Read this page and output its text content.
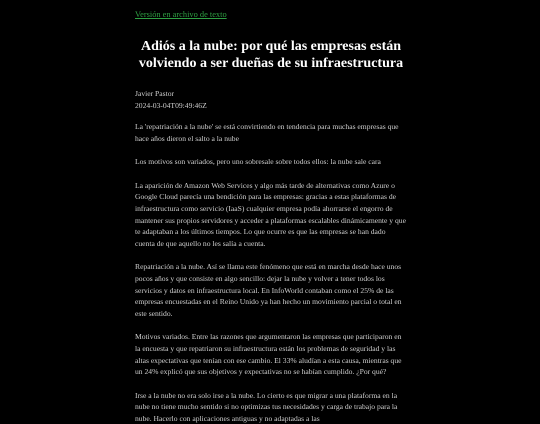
Versión en archivo de texto
Adiós a la nube: por qué las empresas están volviendo a ser dueñas de su infraestructura
Javier Pastor
2024-03-04T09:49:46Z

La 'repatriación a la nube' se está convirtiendo en tendencia para muchas empresas que hace años dieron el salto a la nube

Los motivos son variados, pero uno sobresale sobre todos ellos: la nube sale cara

La aparición de Amazon Web Services y algo más tarde de alternativas como Azure o Google Cloud parecía una bendición para las empresas: gracias a estas plataformas de infraestructura como servicio (IaaS) cualquier empresa podía ahorrarse el engorro de mantener sus propios servidores y acceder a plataformas escalables dinámicamente y que te adaptaban a los últimos tiempos. Lo que ocurre es que las empresas se han dado cuenta de que aquello no les salía a cuenta.

Repatriación a la nube. Así se llama este fenómeno que está en marcha desde hace unos pocos años y que consiste en algo sencillo: dejar la nube y volver a tener todos los servicios y datos en infraestructura local. En InfoWorld contaban como el 25% de las empresas encuestadas en el Reino Unido ya han hecho un movimiento parcial o total en este sentido.

Motivos variados. Entre las razones que argumentaron las empresas que participaron en la encuesta y que repatriaron su infraestructura están los problemas de seguridad y las altas expectativas que tenían con ese cambio. El 33% aludían a esta causa, mientras que un 24% explicó que sus objetivos y expectativas no se habían cumplido. ¿Por qué?

Irse a la nube no era solo irse a la nube. Lo cierto es que migrar a una plataforma en la nube no tiene mucho sentido si no optimizas tus necesidades y carga de trabajo para la nube. Hacerlo con aplicaciones antiguas y no adaptadas a las
